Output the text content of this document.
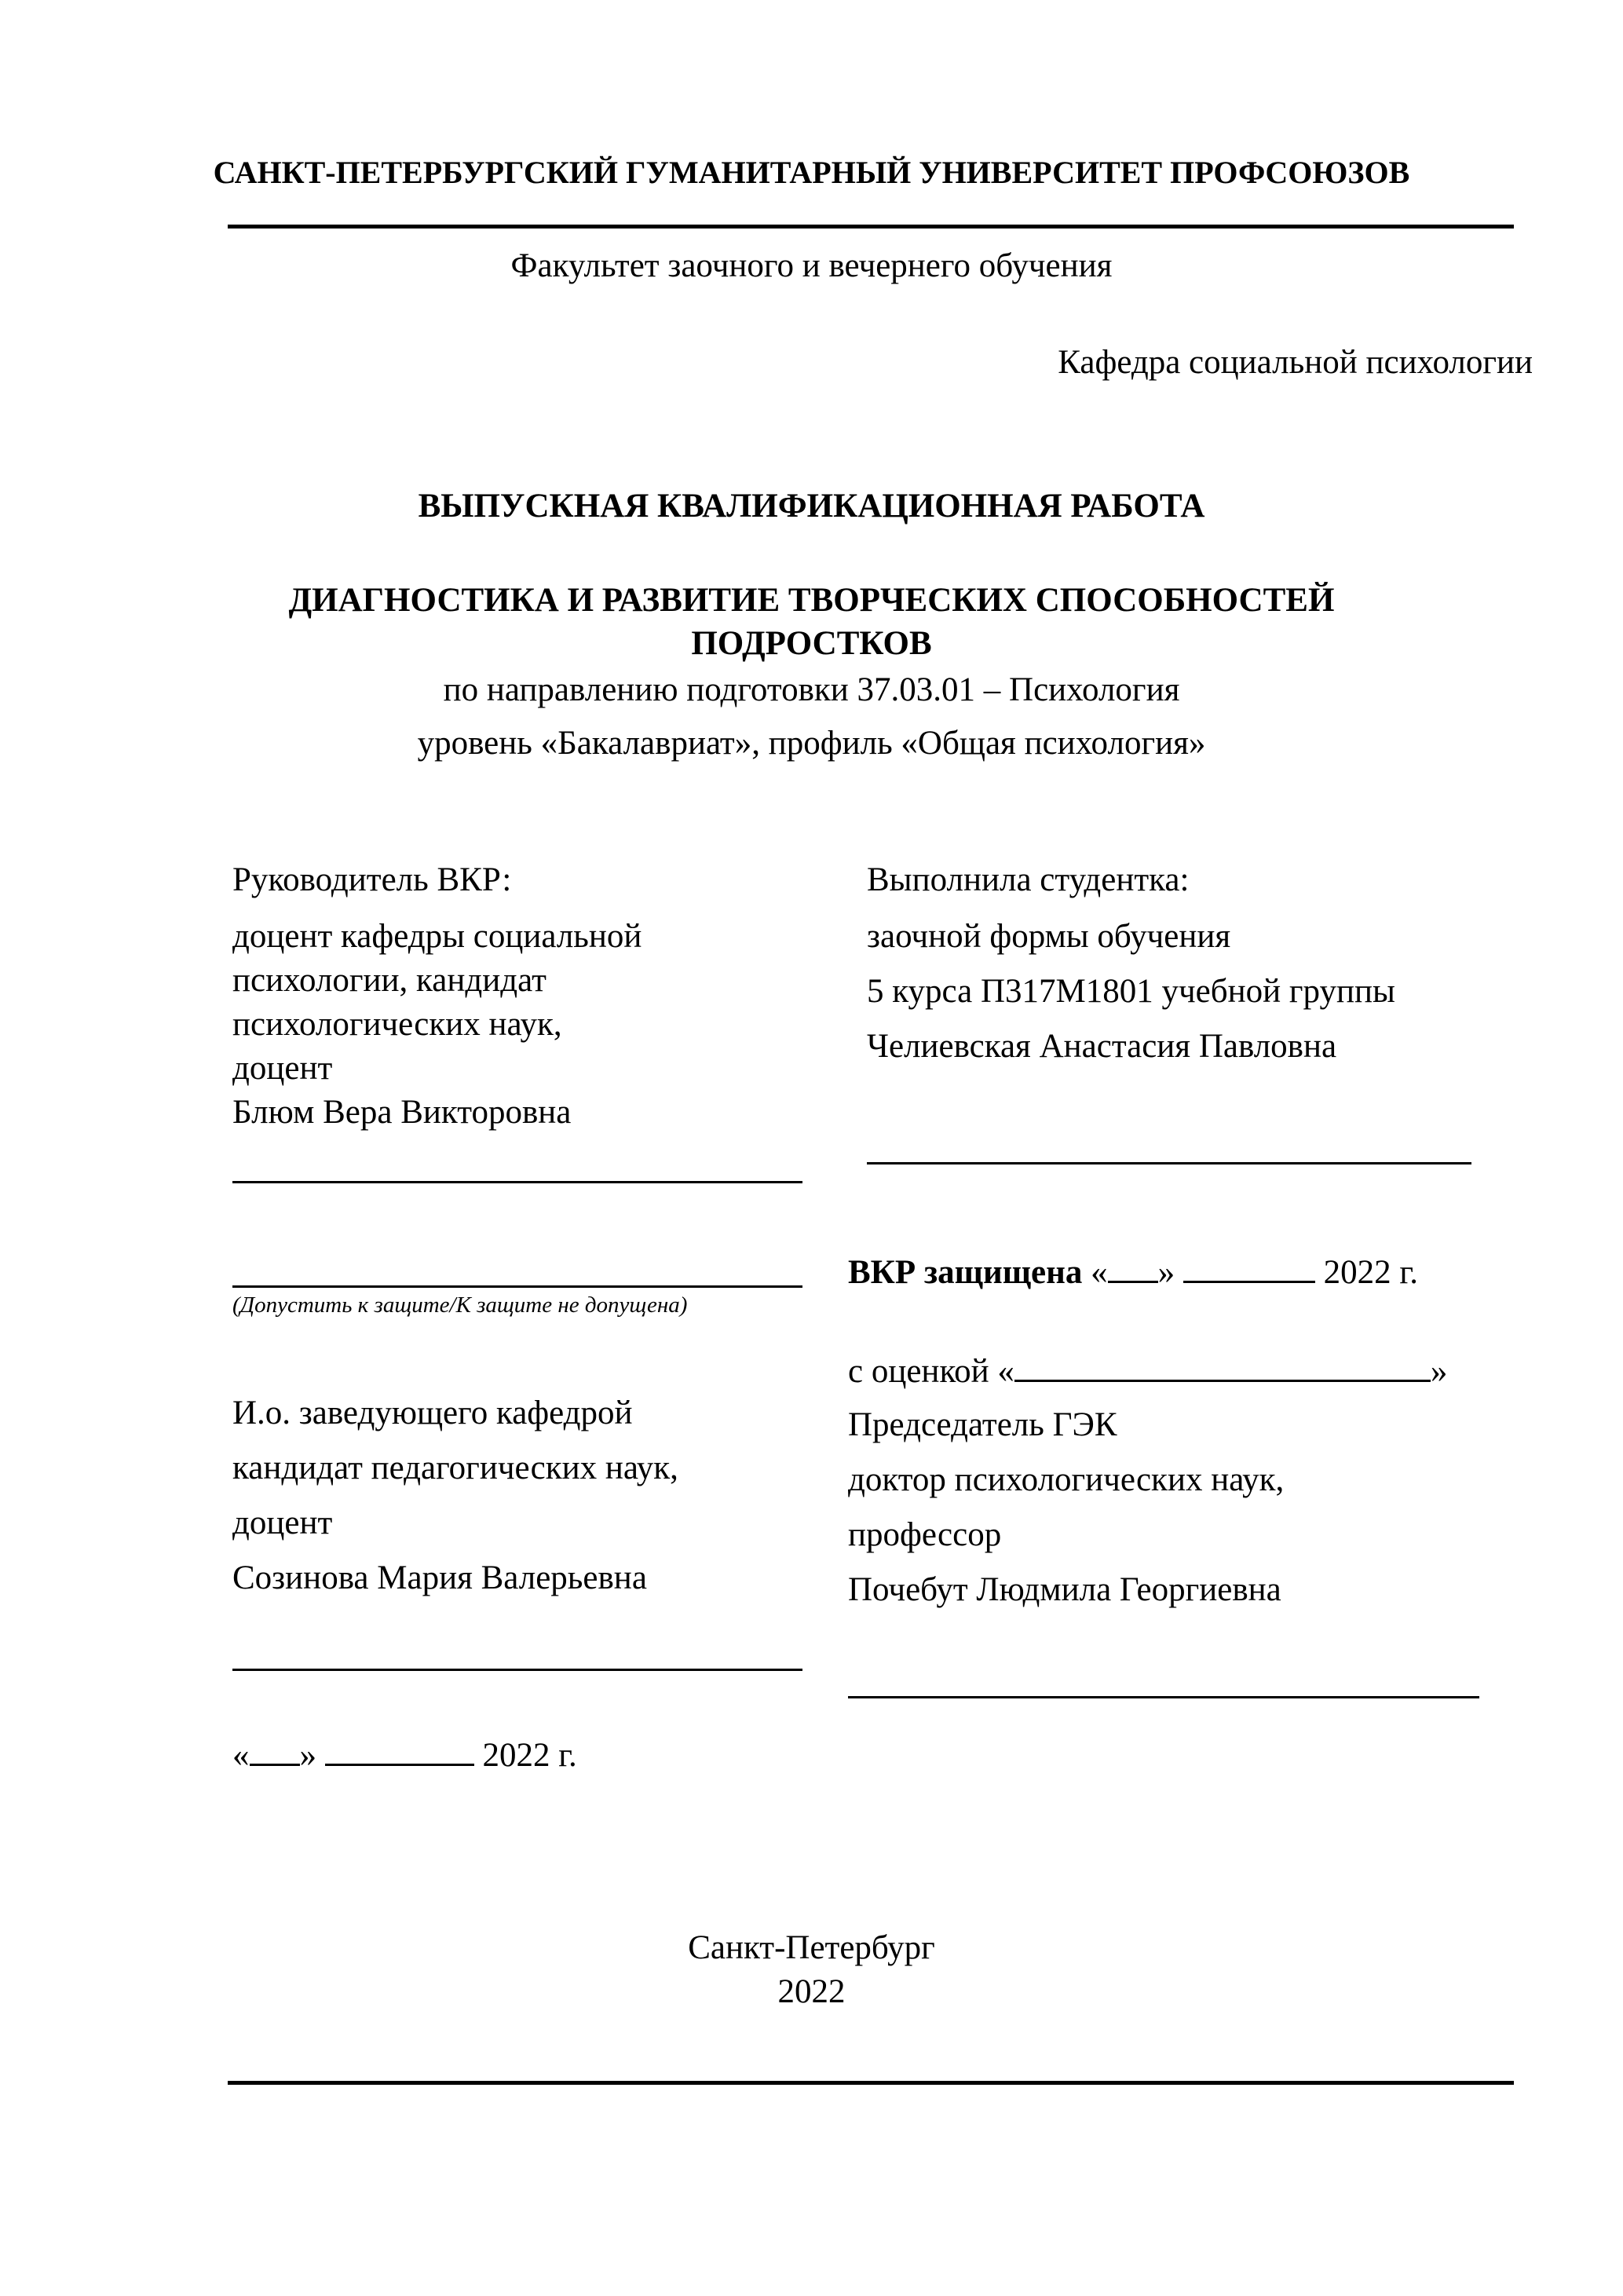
САНКТ-ПЕТЕРБУРГСКИЙ ГУМАНИТАРНЫЙ УНИВЕРСИТЕТ ПРОФСОЮЗОВ
Факультет заочного и вечернего обучения
Кафедра социальной психологии
ВЫПУСКНАЯ КВАЛИФИКАЦИОННАЯ РАБОТА
ДИАГНОСТИКА И РАЗВИТИЕ ТВОРЧЕСКИХ СПОСОБНОСТЕЙ
ПОДРОСТКОВ
по направлению подготовки 37.03.01 – Психология
уровень «Бакалавриат», профиль «Общая психология»
Руководитель ВКР:
доцент кафедры социальной
психологии, кандидат
психологических наук,
доцент
Блюм Вера Викторовна
Выполнила студентка:
заочной формы обучения
5 курса П317М1801 учебной группы
Челиевская Анастасия Павловна
(Допустить к защите/К защите не допущена)
ВКР защищена « »	2022 г.
с оценкой «	»
И.о. заведующего кафедрой
кандидат педагогических наук,
доцент
Созинова Мария Валерьевна
« »	2022 г.
Председатель ГЭК
доктор психологических наук,
профессор
Почебут Людмила Георгиевна
Санкт-Петербург
2022
